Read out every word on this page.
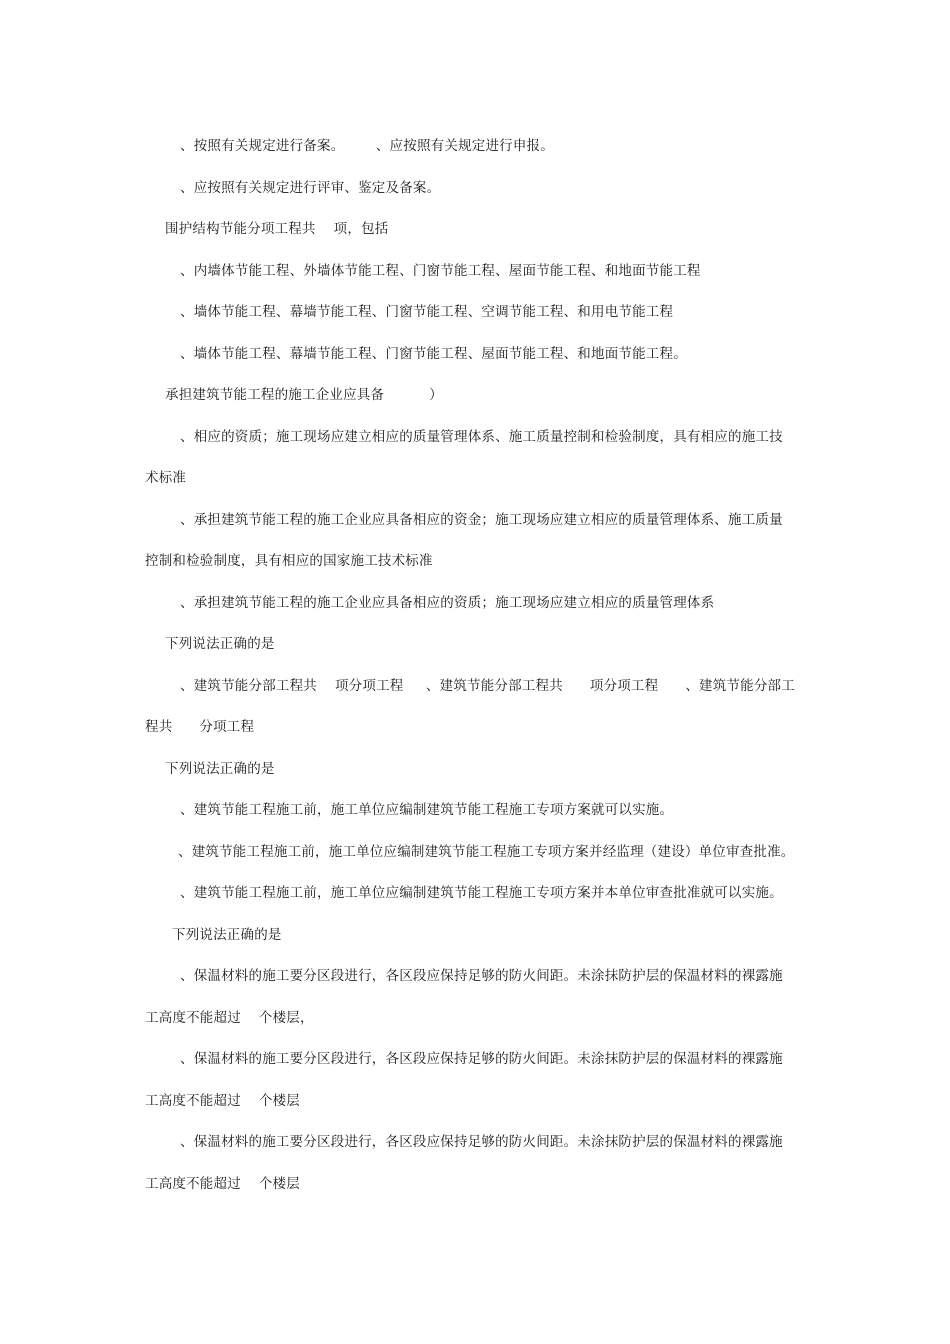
、按照有关规定进行备案。       、应按照有关规定进行申报。
、应按照有关规定进行评审、鉴定及备案。
围护结构节能分项工程共    项，包括
、内墙体节能工程、外墙体节能工程、门窗节能工程、屋面节能工程、和地面节能工程
、墙体节能工程、幕墙节能工程、门窗节能工程、空调节能工程、和用电节能工程
、墙体节能工程、幕墙节能工程、门窗节能工程、屋面节能工程、和地面节能工程。
承担建筑节能工程的施工企业应具备          ）
、相应的资质；施工现场应建立相应的质量管理体系、施工质量控制和检验制度，具有相应的施工技
术标准
、承担建筑节能工程的施工企业应具备相应的资金；施工现场应建立相应的质量管理体系、施工质量
控制和检验制度，具有相应的国家施工技术标准
、承担建筑节能工程的施工企业应具备相应的资质；施工现场应建立相应的质量管理体系
下列说法正确的是
、建筑节能分部工程共    项分项工程     、建筑节能分部工程共      项分项工程      、建筑节能分部工
程共      分项工程
下列说法正确的是
、建筑节能工程施工前，施工单位应编制建筑节能工程施工专项方案就可以实施。
、建筑节能工程施工前，施工单位应编制建筑节能工程施工专项方案并经监理（建设）单位审查批准。
、建筑节能工程施工前，施工单位应编制建筑节能工程施工专项方案并本单位审查批准就可以实施。
下列说法正确的是
、保温材料的施工要分区段进行，各区段应保持足够的防火间距。未涂抹防护层的保温材料的裸露施
工高度不能超过    个楼层，
、保温材料的施工要分区段进行，各区段应保持足够的防火间距。未涂抹防护层的保温材料的裸露施
工高度不能超过    个楼层
、保温材料的施工要分区段进行，各区段应保持足够的防火间距。未涂抹防护层的保温材料的裸露施
工高度不能超过    个楼层
